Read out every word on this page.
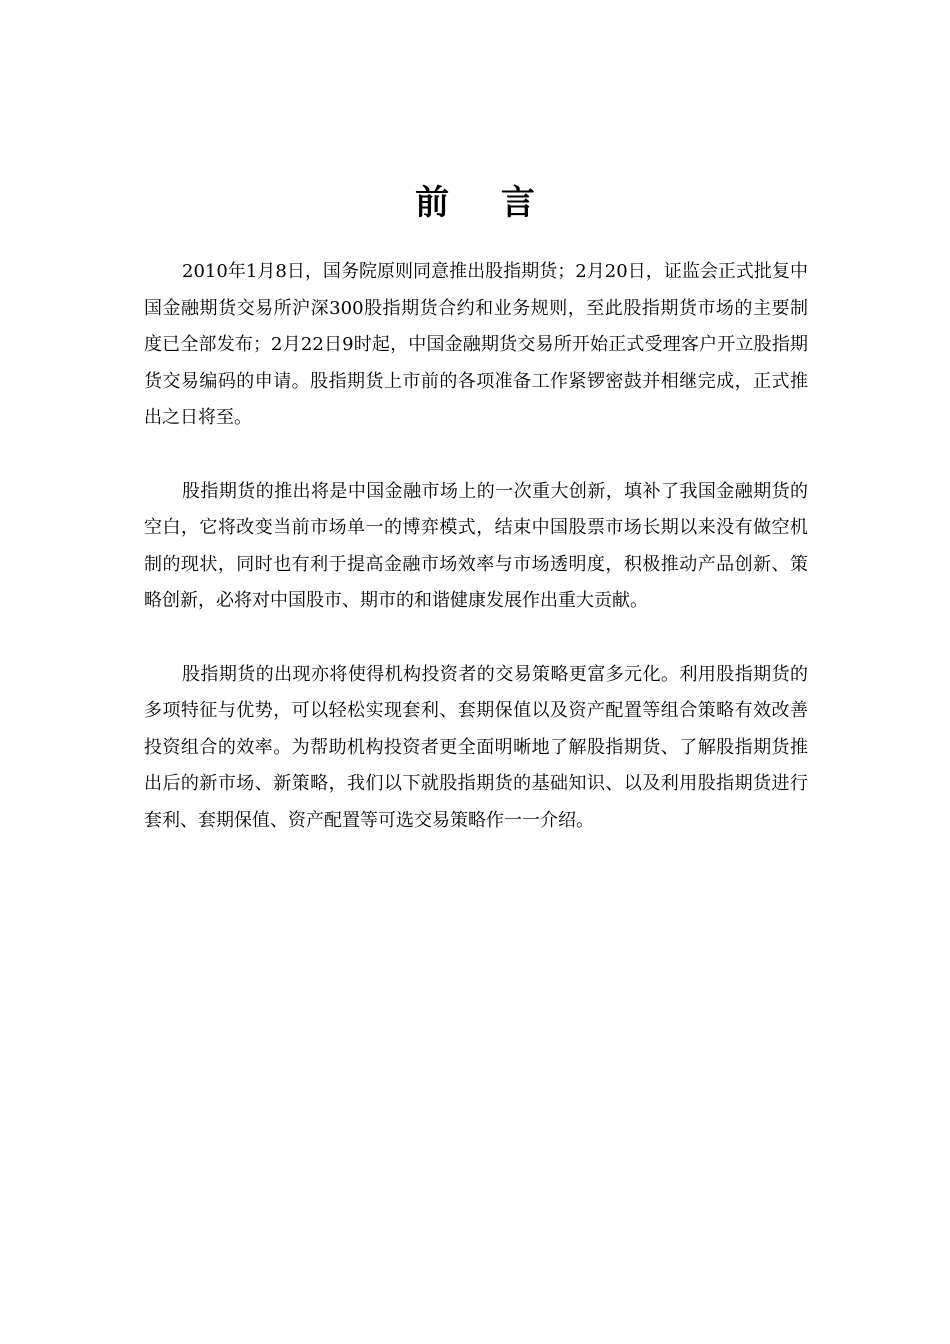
前 言

2010年1月8日，国务院原则同意推出股指期货；2月20日，证监会正式批复中国金融期货交易所沪深300股指期货合约和业务规则，至此股指期货市场的主要制度已全部发布；2月22日9时起，中国金融期货交易所开始正式受理客户开立股指期货交易编码的申请。股指期货上市前的各项准备工作紧锣密鼓并相继完成，正式推出之日将至。

股指期货的推出将是中国金融市场上的一次重大创新，填补了我国金融期货的空白，它将改变当前市场单一的博弈模式，结束中国股票市场长期以来没有做空机制的现状，同时也有利于提高金融市场效率与市场透明度，积极推动产品创新、策略创新，必将对中国股市、期市的和谐健康发展作出重大贡献。

股指期货的出现亦将使得机构投资者的交易策略更富多元化。利用股指期货的多项特征与优势，可以轻松实现套利、套期保值以及资产配置等组合策略有效改善投资组合的效率。为帮助机构投资者更全面明晰地了解股指期货、了解股指期货推出后的新市场、新策略，我们以下就股指期货的基础知识、以及利用股指期货进行套利、套期保值、资产配置等可选交易策略作一一介绍。
